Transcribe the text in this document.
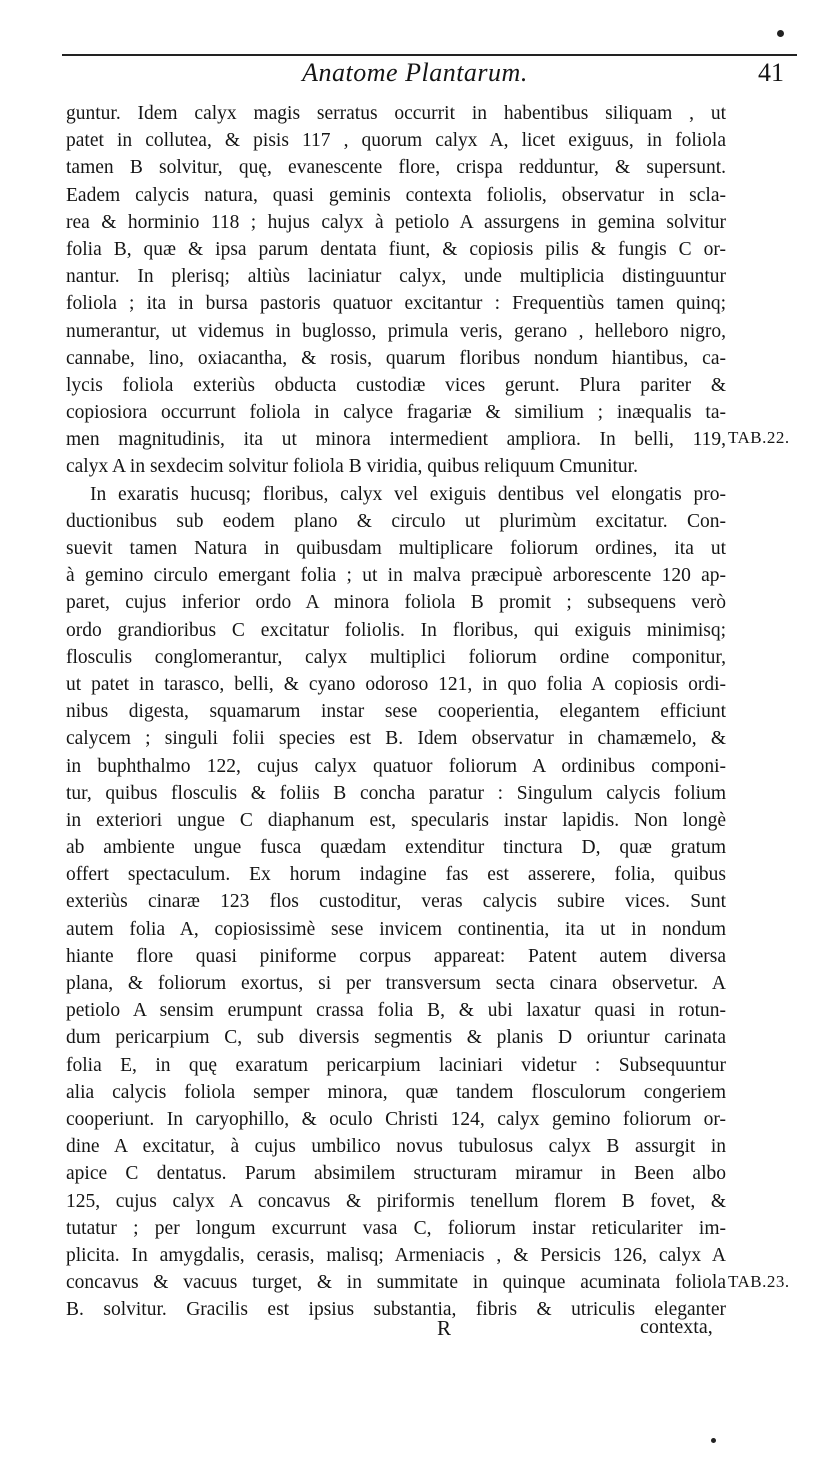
Anatome Plantarum.	41
guntur. Idem calyx magis serratus occurrit in habentibus siliquam , ut
patet in collutea, & pisis 117 , quorum calyx A, licet exiguus, in foliola
tamen B solvitur, quę, evanescente flore, crispa redduntur, & supersunt.
Eadem calycis natura, quasi geminis contexta foliolis, observatur in scla-
rea & horminio 118 ; hujus calyx à petiolo A assurgens in gemina solvitur
folia B, quæ & ipsa parum dentata fiunt, & copiosis pilis & fungis C or-
nantur. In plerisq; altiùs laciniatur calyx, unde multiplicia distinguuntur
foliola ; ita in bursa pastoris quatuor excitantur : Frequentiùs tamen quinq;
numerantur, ut videmus in buglosso, primula veris, gerano , helleboro nigro,
cannabe, lino, oxiacantha, & rosis, quarum floribus nondum hiantibus, ca-
lycis foliola exteriùs obducta custodiæ vices gerunt. Plura pariter &
copiosiora occurrunt foliola in calyce fragariæ & similium ; inæqualis ta-
men magnitudinis, ita ut minora intermedient ampliora. In belli, 119,
calyx A in sexdecim solvitur foliola B viridia, quibus reliquum Cmunitur.
In exaratis hucusq; floribus, calyx vel exiguis dentibus vel elongatis pro-
ductionibus sub eodem plano & circulo ut plurimùm excitatur. Con-
suevit tamen Natura in quibusdam multiplicare foliorum ordines, ita ut
à gemino circulo emergant folia ; ut in malva præcipuè arborescente 120 ap-
paret, cujus inferior ordo A minora foliola B promit ; subsequens verò
ordo grandioribus C excitatur foliolis. In floribus, qui exiguis minimisq;
flosculis conglomerantur, calyx multiplici foliorum ordine componitur,
ut patet in tarasco, belli, & cyano odoroso 121, in quo folia A copiosis ordi-
nibus digesta, squamarum instar sese cooperientia, elegantem efficiunt
calycem ; singuli folii species est B. Idem observatur in chamæmelo, &
in buphthalmo 122, cujus calyx quatuor foliorum A ordinibus componi-
tur, quibus flosculis & foliis B concha paratur : Singulum calycis folium
in exteriori ungue C diaphanum est, specularis instar lapidis. Non longè
ab ambiente ungue fusca quædam extenditur tinctura D, quæ gratum
offert spectaculum. Ex horum indagine fas est asserere, folia, quibus
exteriùs cinaræ 123 flos custoditur, veras calycis subire vices. Sunt
autem folia A, copiosissimè sese invicem continentia, ita ut in nondum
hiante flore quasi piniforme corpus appareat: Patent autem diversa
plana, & foliorum exortus, si per transversum secta cinara observetur. A
petiolo A sensim erumpunt crassa folia B, & ubi laxatur quasi in rotun-
dum pericarpium C, sub diversis segmentis & planis D oriuntur carinata
folia E, in quę exaratum pericarpium laciniari videtur : Subsequuntur
alia calycis foliola semper minora, quæ tandem flosculorum congeriem
cooperiunt. In caryophillo, & oculo Christi 124, calyx gemino foliorum or-
dine A excitatur, à cujus umbilico novus tubulosus calyx B assurgit in
apice C dentatus. Parum absimilem structuram miramur in Been albo
125, cujus calyx A concavus & piriformis tenellum florem B fovet, &
tutatur ; per longum excurrunt vasa C, foliorum instar reticulariter im-
plicita. In amygdalis, cerasis, malisq; Armeniacis , & Persicis 126, calyx A
concavus & vacuus turget, & in summitate in quinque acuminata foliola
B. solvitur. Gracilis est ipsius substantia, fibris & utriculis eleganter
TAB.22.
TAB.23.
R	contexta,
